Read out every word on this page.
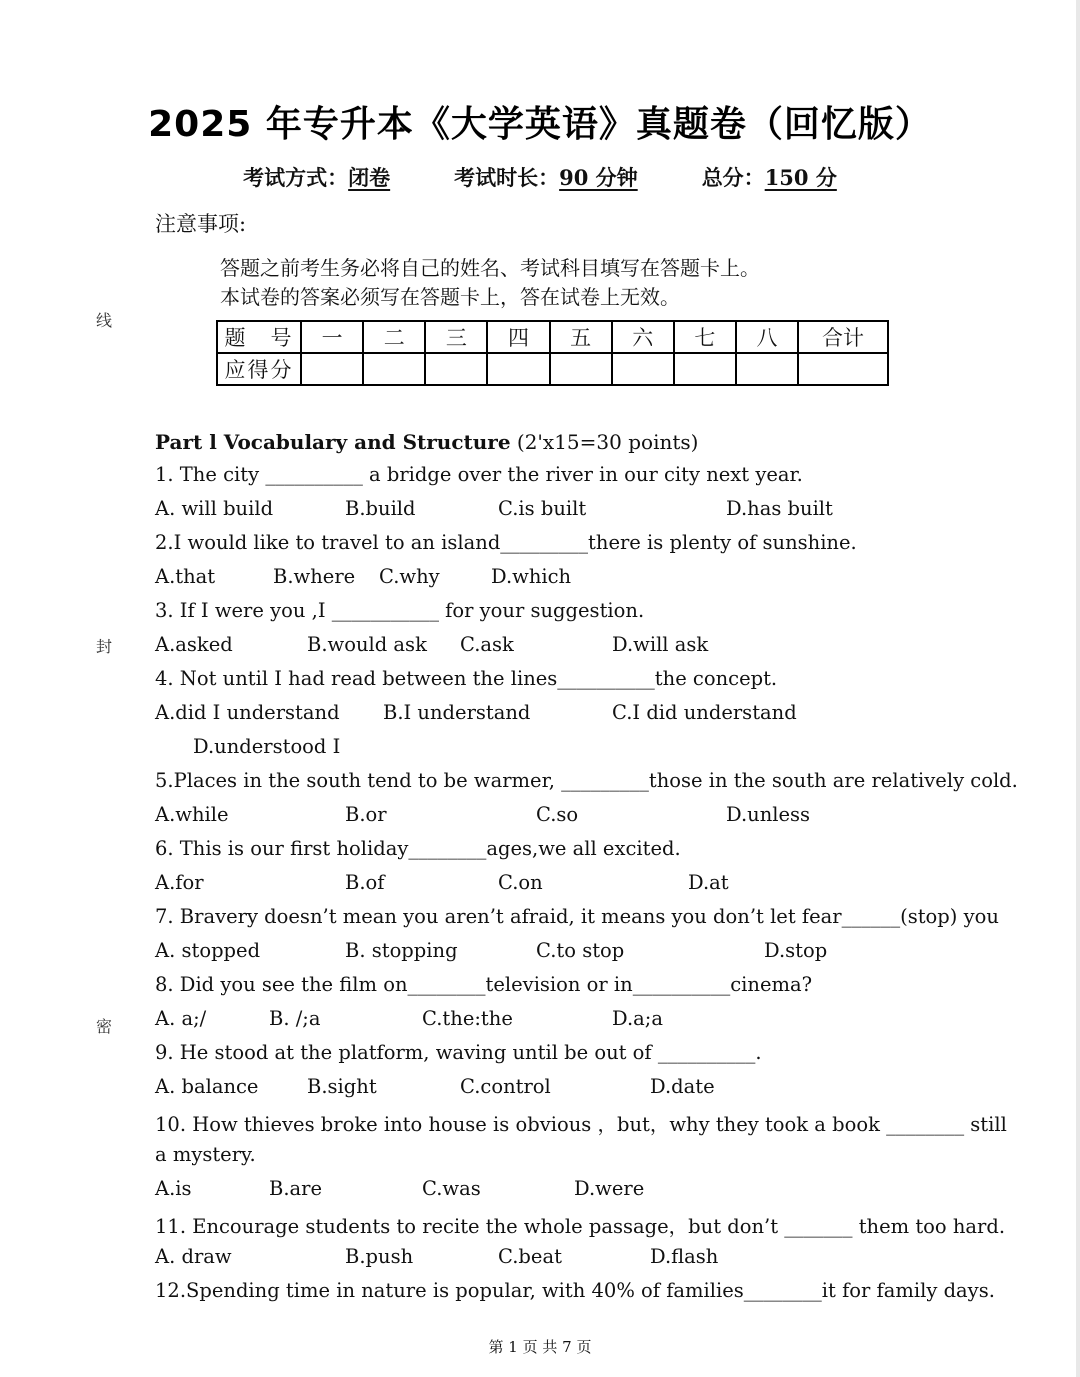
2025 年专升本《大学英语》真题卷（回忆版）
考试方式：闭卷	考试时长：90 分钟	总分：150 分
注意事项:
答题之前考生务必将自己的姓名、考试科目填写在答题卡上。
本试卷的答案必须写在答题卡上，答在试卷上无效。
题　号	一	二	三	四	五	六	七	八	合计
应得分									
线
封
密
Part l Vocabulary and Structure (2'x15=30 points)
1. The city __________ a bridge over the river in our city next year.
A. will build	B.build	C.is built	D.has built
2.I would like to travel to an island_________there is plenty of sunshine.
A.that	B.where C.why	D.which
3. If I were you ,I ___________ for your suggestion.
A.asked	B.would ask C.ask	D.will ask
4. Not until I had read between the lines__________the concept.
A.did I understand B.I understand	C.I did understand
D.understood I
5.Places in the south tend to be warmer, _________those in the south are relatively cold.
A.while	B.or	C.so	D.unless
6. This is our first holiday________ages,we all excited.
A.for	B.of	C.on	D.at
7. Bravery doesn’t mean you aren’t afraid, it means you don’t let fear______(stop) you
A. stopped	B. stopping	C.to stop	D.stop
8. Did you see the film on________television or in__________cinema?
A. a;/	B. /;a	C.the:the	D.a;a
9. He stood at the platform, waving until be out of __________.
A. balance B.sight	C.control	D.date
10. How thieves broke into house is obvious ，but，why they took a book ________ still
a mystery.
A.is	B.are	C.was	D.were
11. Encourage students to recite the whole passage，but don’t _______ them too hard.
A. draw	B.push	C.beat	D.flash
12.Spending time in nature is popular, with 40% of families________it for family days.
第 1 页 共 7 页
